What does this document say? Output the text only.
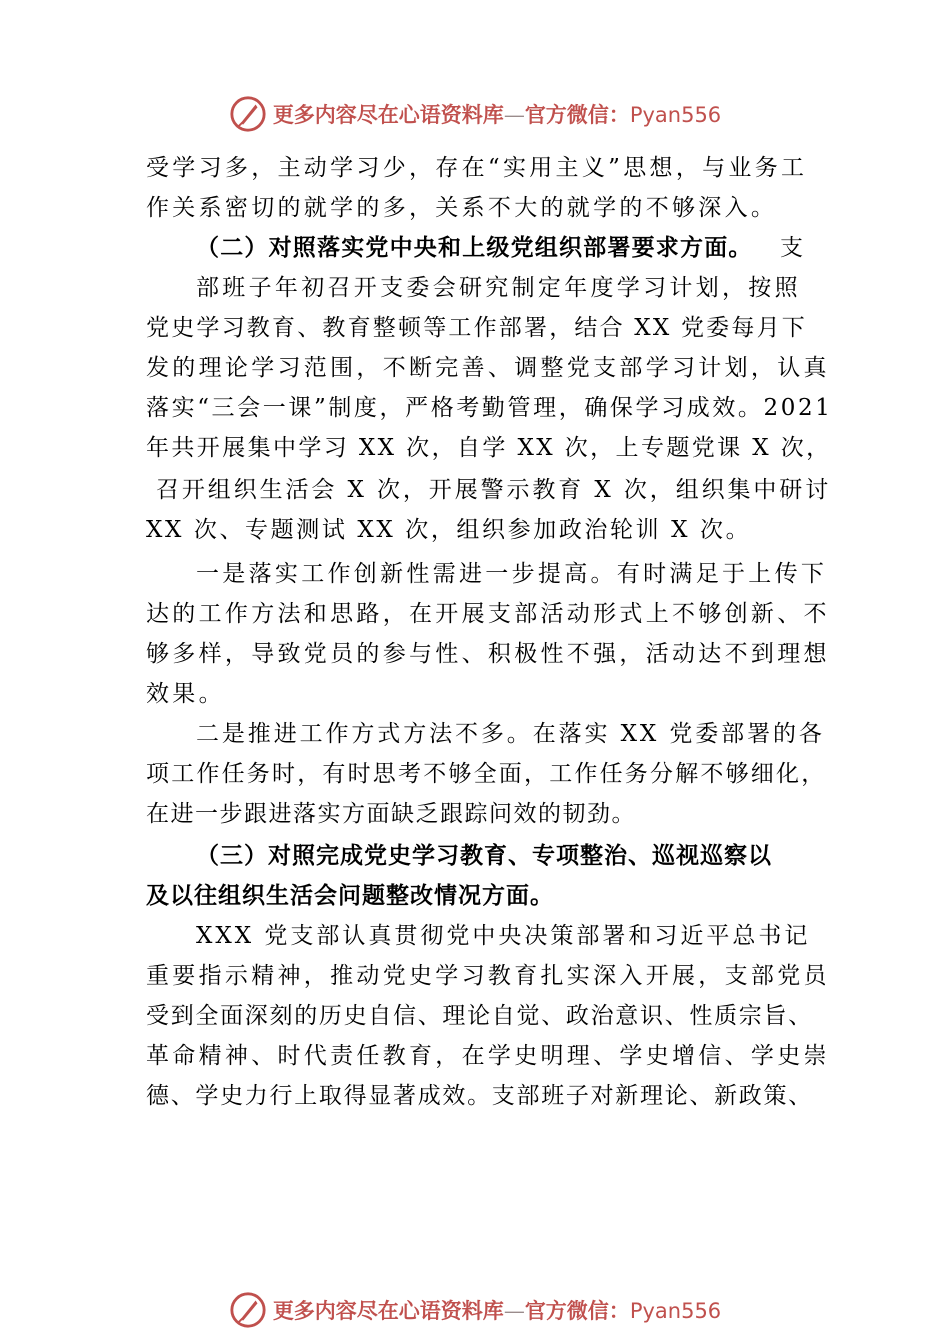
更多内容尽在心语资料库—官方微信：Pyan556
受学习多，主动学习少，存在“实用主义”思想，与业务工
作关系密切的就学的多，关系不大的就学的不够深入。
（二）对照落实党中央和上级党组织部署要求方面。 支
部班子年初召开支委会研究制定年度学习计划，按照
党史学习教育、教育整顿等工作部署，结合 XX 党委每月下
发的理论学习范围，不断完善、调整党支部学习计划，认真
落实“三会一课”制度，严格考勤管理，确保学习成效。2021
年共开展集中学习 XX 次，自学 XX 次，上专题党课 X 次，
召开组织生活会 X 次，开展警示教育 X 次，组织集中研讨
XX 次、专题测试 XX 次，组织参加政治轮训 X 次。
一是落实工作创新性需进一步提高。有时满足于上传下
达的工作方法和思路，在开展支部活动形式上不够创新、不
够多样，导致党员的参与性、积极性不强，活动达不到理想
效果。
二是推进工作方式方法不多。在落实 XX 党委部署的各
项工作任务时，有时思考不够全面，工作任务分解不够细化，
在进一步跟进落实方面缺乏跟踪问效的韧劲。
（三）对照完成党史学习教育、专项整治、巡视巡察以
及以往组织生活会问题整改情况方面。
XXX 党支部认真贯彻党中央决策部署和习近平总书记
重要指示精神，推动党史学习教育扎实深入开展，支部党员
受到全面深刻的历史自信、理论自觉、政治意识、性质宗旨、
革命精神、时代责任教育，在学史明理、学史增信、学史崇
德、学史力行上取得显著成效。支部班子对新理论、新政策、
更多内容尽在心语资料库—官方微信：Pyan556
